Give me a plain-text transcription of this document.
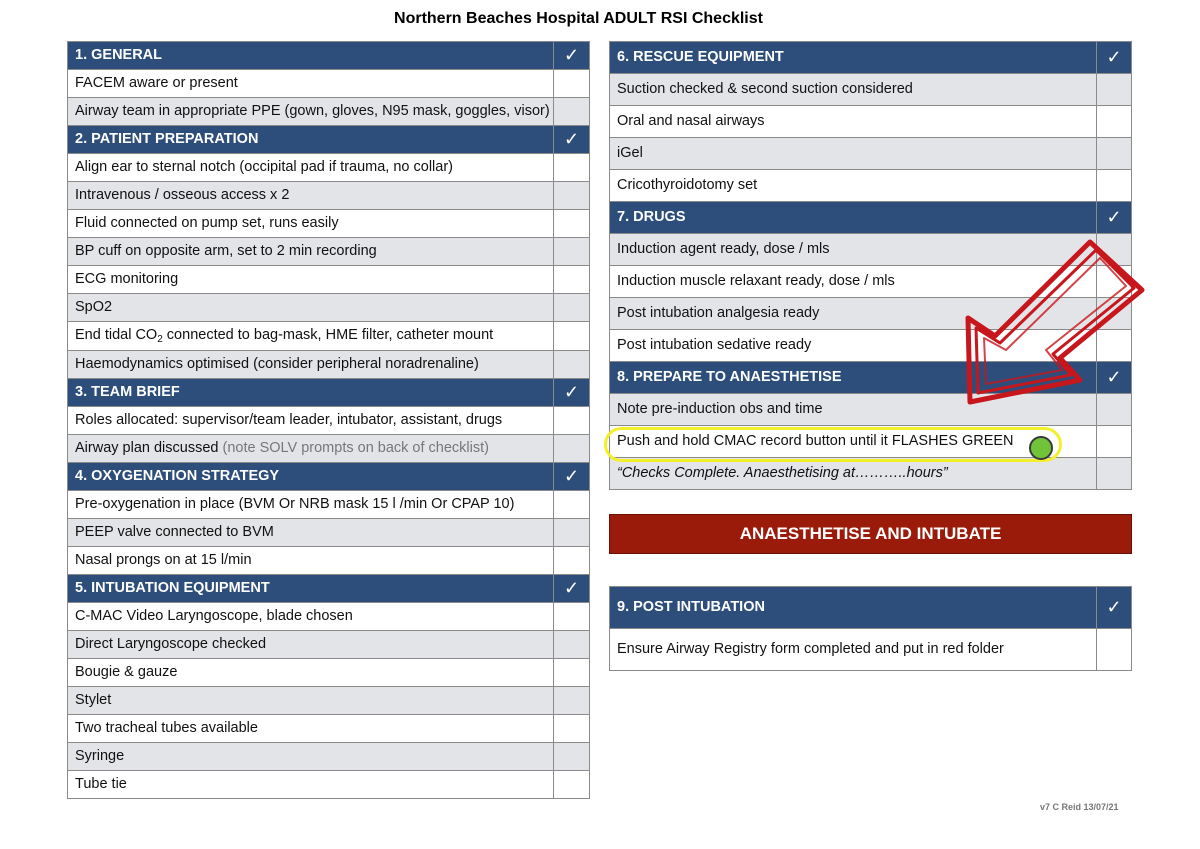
Northern Beaches Hospital ADULT RSI Checklist
1. GENERAL	✓
FACEM aware or present	
Airway team in appropriate PPE (gown, gloves, N95 mask, goggles, visor)	
2. PATIENT PREPARATION	✓
Align ear to sternal notch (occipital pad if trauma, no collar)	
Intravenous / osseous access x 2	
Fluid connected on pump set, runs easily	
BP cuff on opposite arm, set to 2 min recording	
ECG monitoring	
SpO2	
End tidal $CO_2$ connected to bag-mask, HME filter, catheter mount	
Haemodynamics optimised (consider peripheral noradrenaline)	
3. TEAM BRIEF	✓
Roles allocated: supervisor/team leader, intubator, assistant, drugs	
Airway plan discussed (note SOLV prompts on back of checklist)	
4. OXYGENATION STRATEGY	✓
Pre-oxygenation in place (BVM Or NRB mask 15 l /min Or CPAP 10)	
PEEP valve connected to BVM	
Nasal prongs on at 15 l/min	
5. INTUBATION EQUIPMENT	✓
C-MAC Video Laryngoscope, blade chosen	
Direct Laryngoscope checked	
Bougie & gauze	
Stylet	
Two tracheal tubes available	
Syringe	
Tube tie	
6. RESCUE EQUIPMENT	✓
Suction checked & second suction considered	
Oral and nasal airways	
iGel	
Cricothyroidotomy set	
7. DRUGS	✓
Induction agent ready, dose / mls	
Induction muscle relaxant ready, dose / mls	
Post intubation analgesia ready	
Post intubation sedative ready	
8. PREPARE TO ANAESTHETISE	✓
Note pre-induction obs and time	
Push and hold CMAC record button until it FLASHES GREEN	
“Checks Complete. Anaesthetising at………..hours”	
ANAESTHETISE AND INTUBATE
9. POST INTUBATION	✓
Ensure Airway Registry form completed and put in red folder	
v7 C Reid 13/07/21
